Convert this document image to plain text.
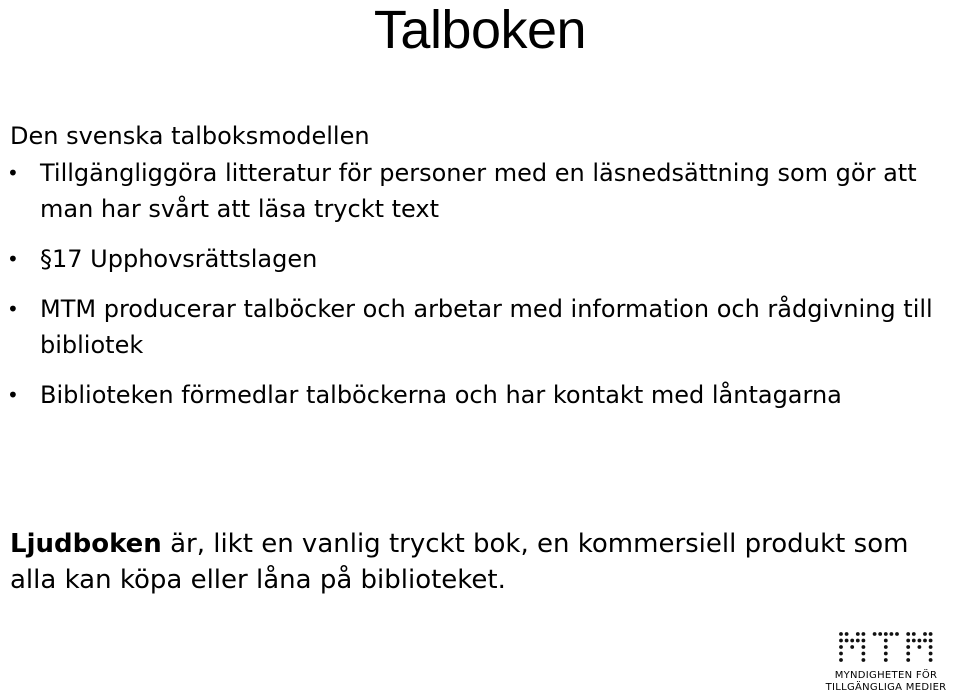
Talboken

Den svenska talboksmodellen

• Tillgängliggöra litteratur för personer med en läsnedsättning som gör att man har svårt att läsa tryckt text
• §17 Upphovsrättslagen
• MTM producerar talböcker och arbetar med information och rådgivning till bibliotek
• Biblioteken förmedlar talböckerna och har kontakt med låntagarna
Ljudboken är, likt en vanlig tryckt bok, en kommersiell produkt som alla kan köpa eller låna på biblioteket.
MYNDIGHETEN FÖR
TILLGÄNGLIGA MEDIER
